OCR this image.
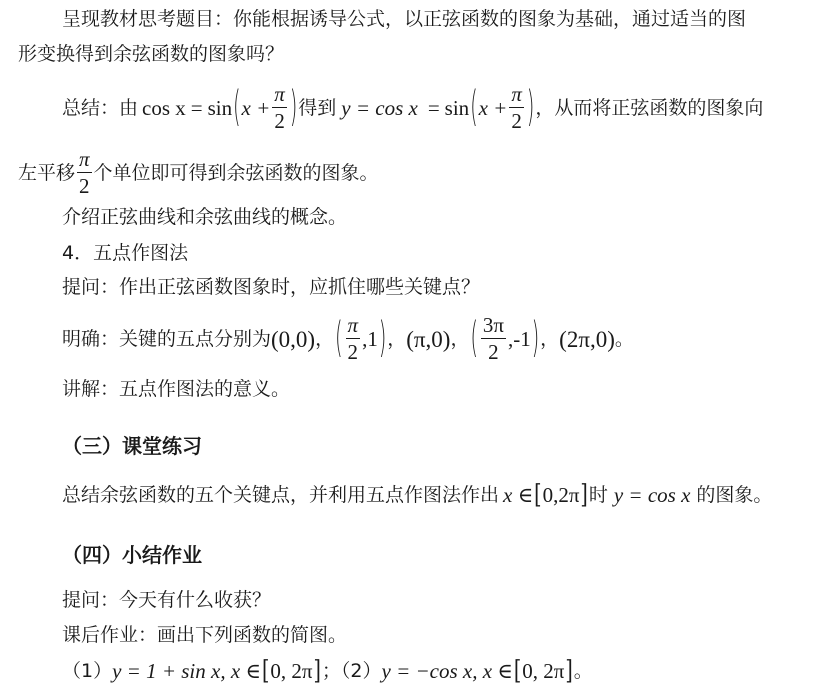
呈现教材思考题目：你能根据诱导公式，以正弦函数的图象为基础，通过适当的图
形变换得到余弦函数的图象吗？
总结：由 cos x = sin ( $x + \frac{\pi}{2}$ ) 得到 y = cos x = sin ( $x + \frac{\pi}{2}$ ) ，从而将正弦函数的图象向
左平移 $\frac{\pi}{2}$ 个单位即可得到余弦函数的图象。
介绍正弦曲线和余弦曲线的概念。
4．五点作图法
提问：作出正弦函数图象时，应抓住哪些关键点？
明确：关键的五点分别为 (0,0) ， ( $\frac{\pi}{2} ,1$ ) ， (π,0) ， ( $\frac{3\pi}{2} ,-1$ ) ， (2π,0) 。
讲解：五点作图法的意义。
（三）课堂练习
总结余弦函数的五个关键点，并利用五点作图法作出 x ∈ [ 0,2π ] 时 y = cos x 的图象。
（四）小结作业
提问：今天有什么收获？
课后作业：画出下列函数的简图。
（1） y = 1 + sin x, x ∈ [ 0, 2π ] ；（2） y = −cos x, x ∈ [ 0, 2π ] 。
